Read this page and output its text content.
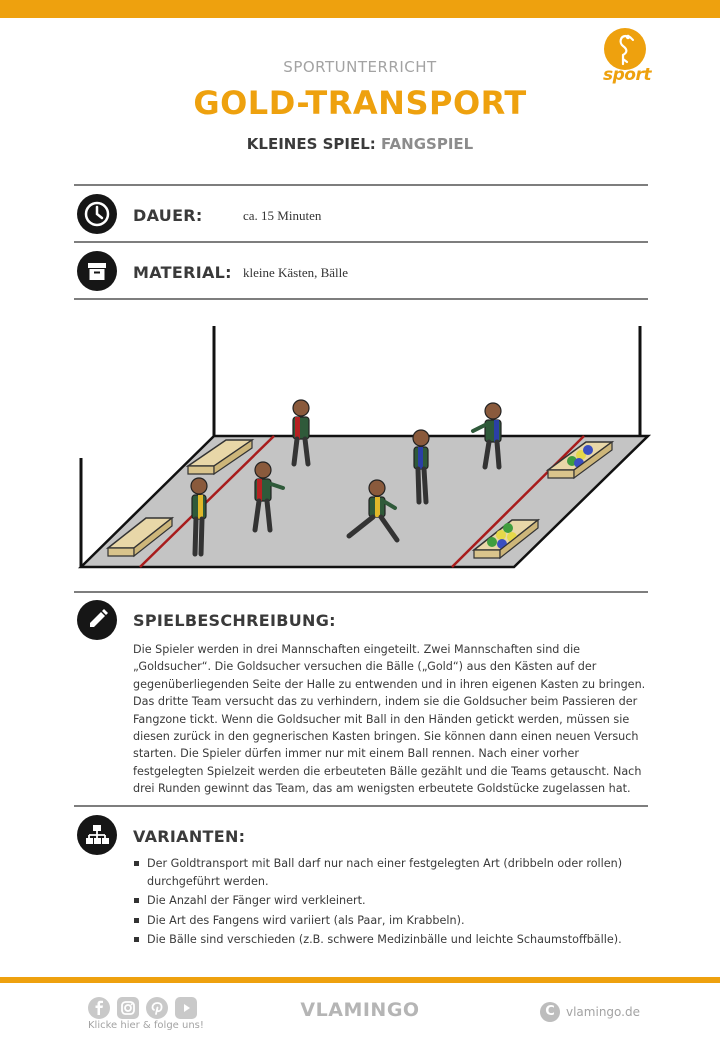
sport
SPORTUNTERRICHT
GOLD-TRANSPORT
KLEINES SPIEL: FANGSPIEL
DAUER:	ca. 15 Minuten
MATERIAL: kleine Kästen, Bälle
SPIELBESCHREIBUNG:
Die Spieler werden in drei Mannschaften eingeteilt. Zwei Mannschaften sind die „Goldsucher“. Die Goldsucher versuchen die Bälle („Gold“) aus den Kästen auf der gegenüberliegenden Seite der Halle zu entwenden und in ihren eigenen Kasten zu bringen. Das dritte Team versucht das zu verhindern, indem sie die Goldsucher beim Passieren der Fangzone tickt. Wenn die Goldsucher mit Ball in den Händen getickt werden, müssen sie diesen zurück in den gegnerischen Kasten bringen. Sie können dann einen neuen Versuch starten. Die Spieler dürfen immer nur mit einem Ball rennen. Nach einer vorher festgelegten Spielzeit werden die erbeuteten Bälle gezählt und die Teams getauscht. Nach drei Runden gewinnt das Team, das am wenigsten erbeutete Goldstücke zugelassen hat.
VARIANTEN:
Der Goldtransport mit Ball darf nur nach einer festgelegten Art (dribbeln oder rollen) durchgeführt werden.
Die Anzahl der Fänger wird verkleinert.
Die Art des Fangens wird variiert (als Paar, im Krabbeln).
Die Bälle sind verschieden (z.B. schwere Medizinbälle und leichte Schaumstoffbälle).
Klicke hier & folge uns!
VLAMINGO	C vlamingo.de
